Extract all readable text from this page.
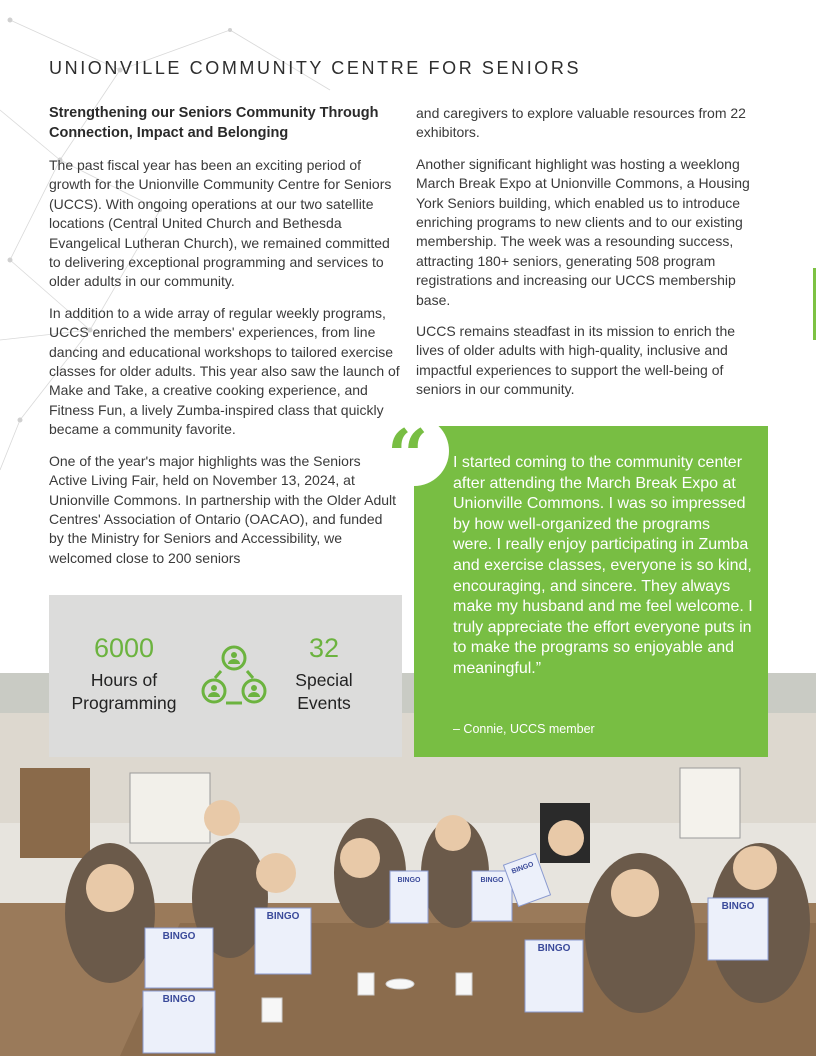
UNIONVILLE COMMUNITY CENTRE FOR SENIORS
Strengthening our Seniors Community Through Connection, Impact and Belonging

The past fiscal year has been an exciting period of growth for the Unionville Community Centre for Seniors (UCCS). With ongoing operations at our two satellite locations (Central United Church and Bethesda Evangelical Lutheran Church), we remained committed to delivering exceptional programming and services to older adults in our community.

In addition to a wide array of regular weekly programs, UCCS enriched the members' experiences, from line dancing and educational workshops to tailored exercise classes for older adults. This year also saw the launch of Make and Take, a creative cooking experience, and Fitness Fun, a lively Zumba-inspired class that quickly became a community favorite.

One of the year's major highlights was the Seniors Active Living Fair, held on November 13, 2024, at Unionville Commons. In partnership with the Older Adult Centres' Association of Ontario (OACAO), and funded by the Ministry for Seniors and Accessibility, we welcomed close to 200 seniors

and caregivers to explore valuable resources from 22 exhibitors.

Another significant highlight was hosting a weeklong March Break Expo at Unionville Commons, a Housing York Seniors building, which enabled us to introduce enriching programs to new clients and to our existing membership. The week was a resounding success, attracting 180+ seniors, generating 508 program registrations and increasing our UCCS membership base.

UCCS remains steadfast in its mission to enrich the lives of older adults with high-quality, inclusive and impactful experiences to support the well-being of seniors in our community.

BINGO
BINGO
BINGO
BINGO	BINGO
BINGO
BINGO
BINGO
6000
Hours of
Programming
32
Special
Events

I started coming to the community center after attending the March Break Expo at Unionville Commons. I was so impressed by how well-organized the programs were. I really enjoy participating in Zumba and exercise classes, everyone is so kind, encouraging, and sincere. They always make my husband and me feel welcome. I truly appreciate the effort everyone puts in to make the programs so enjoyable and meaningful.”

– Connie, UCCS member

“
